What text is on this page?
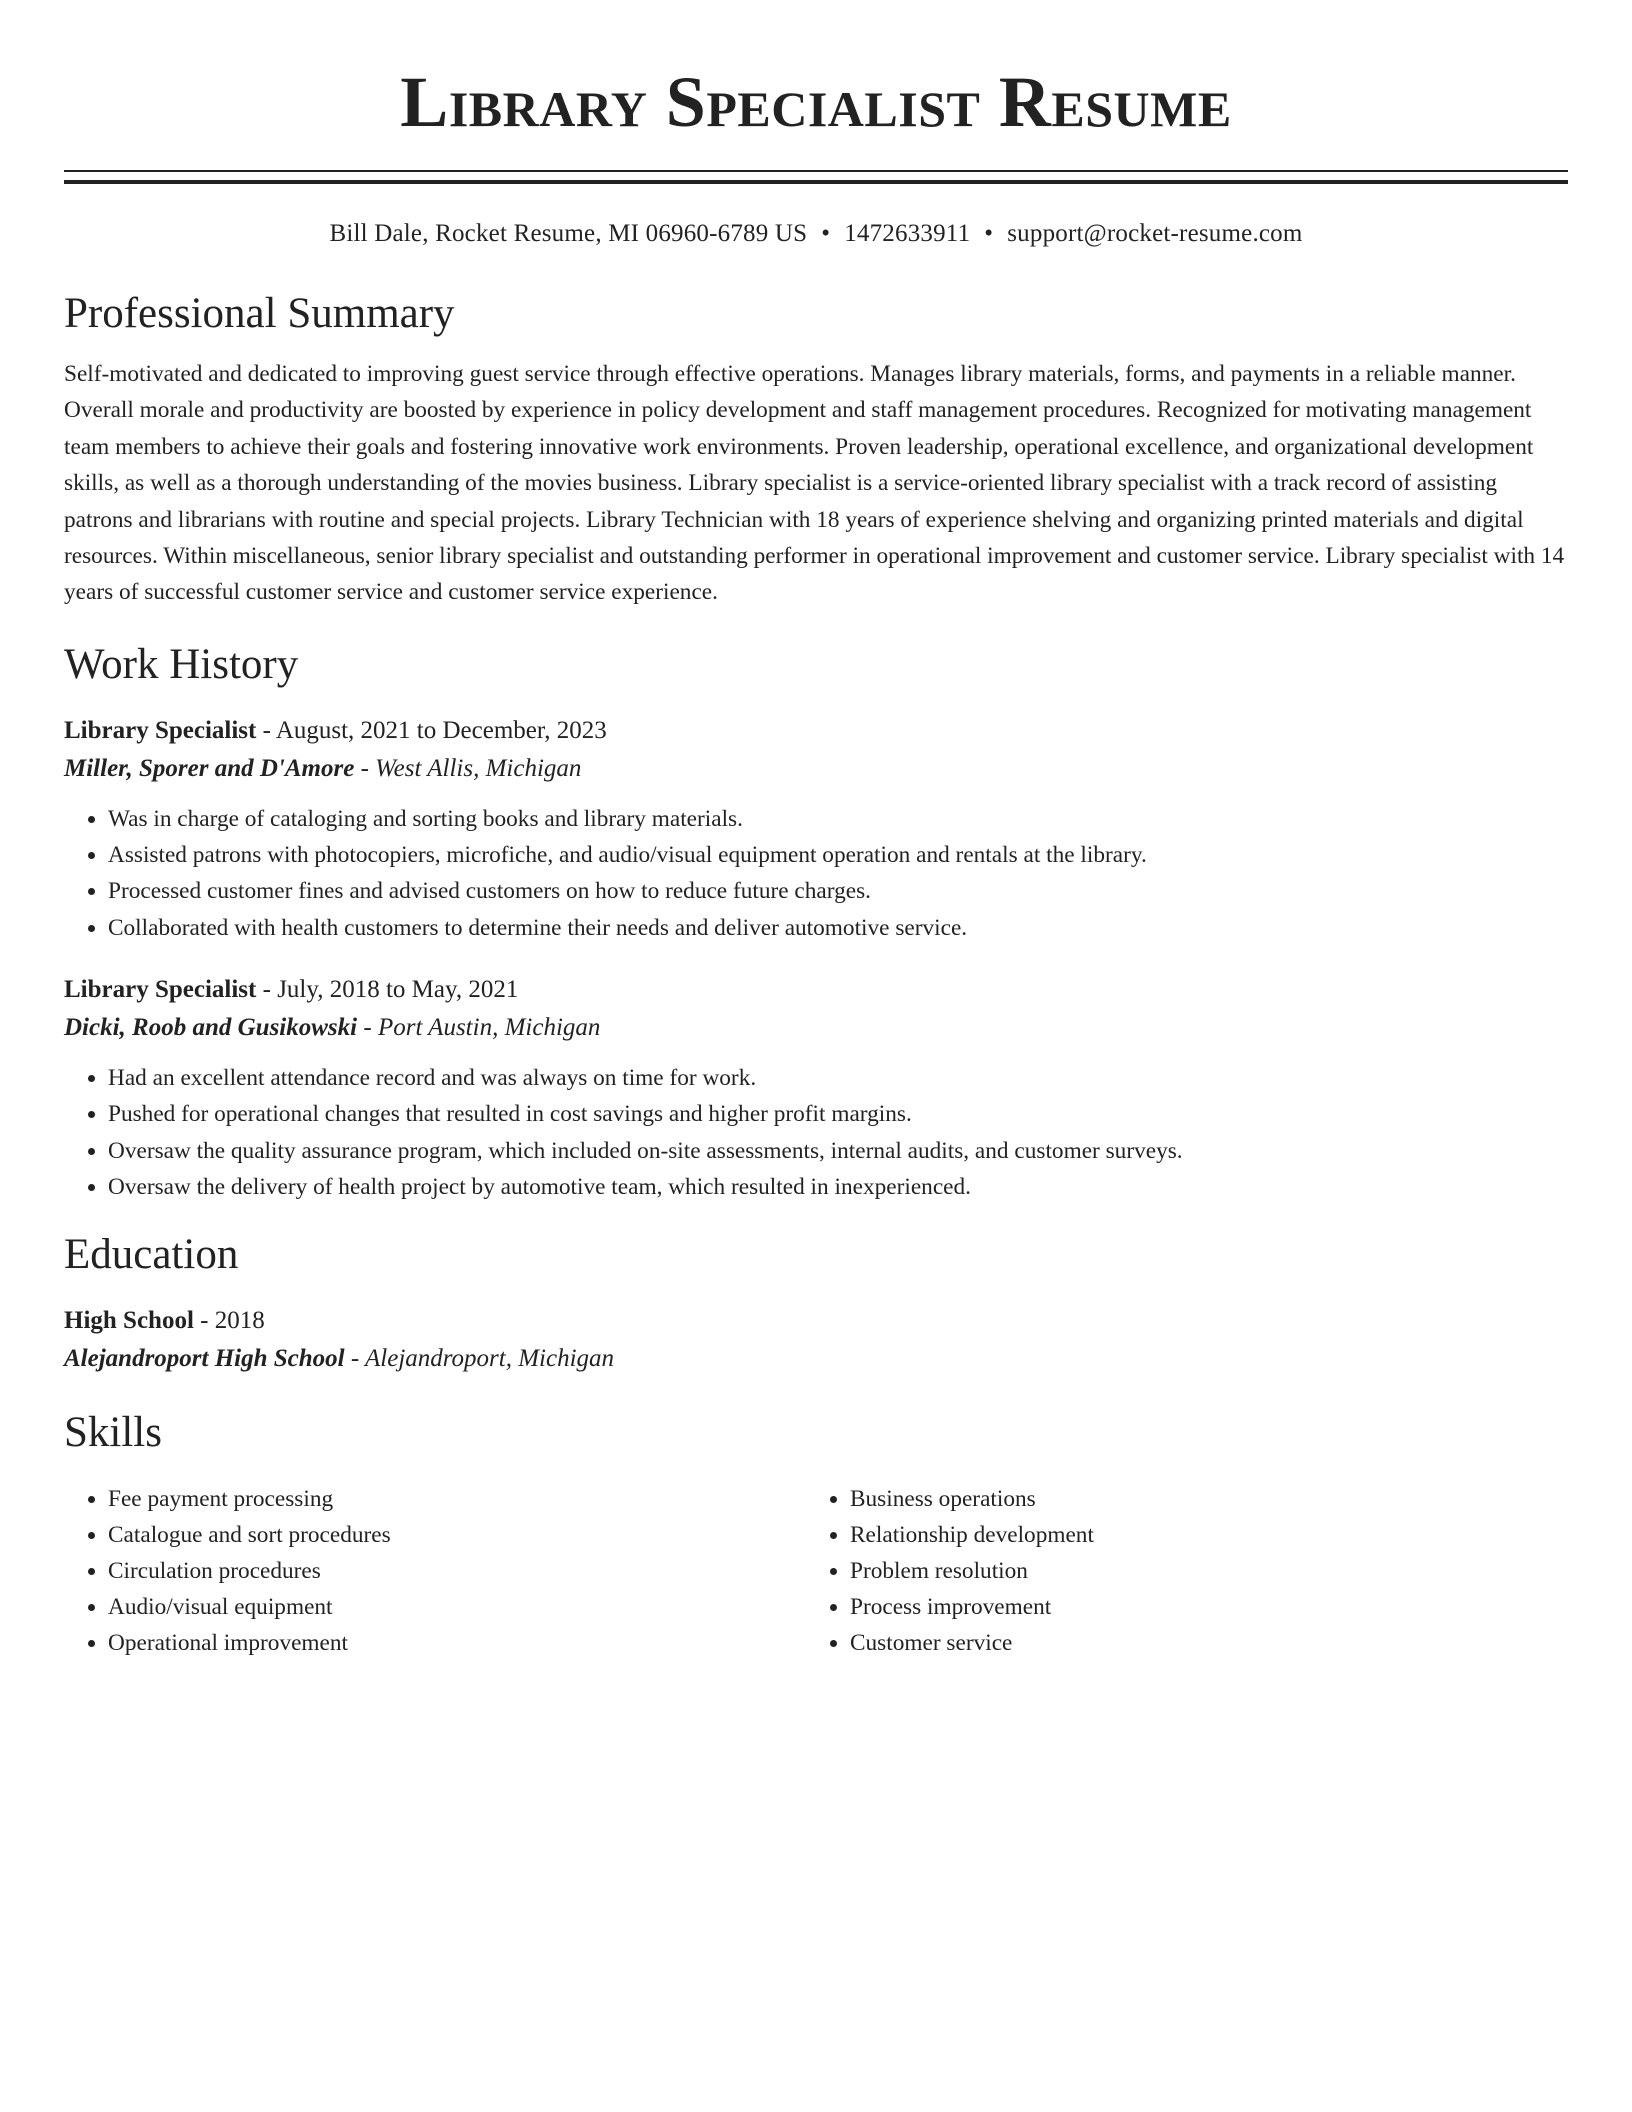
Library Specialist Resume
Bill Dale, Rocket Resume, MI 06960-6789 US • 1472633911 • support@rocket-resume.com
Professional Summary

Self-motivated and dedicated to improving guest service through effective operations. Manages library materials, forms, and payments in a reliable manner. Overall morale and productivity are boosted by experience in policy development and staff management procedures. Recognized for motivating management team members to achieve their goals and fostering innovative work environments. Proven leadership, operational excellence, and organizational development skills, as well as a thorough understanding of the movies business. Library specialist is a service-oriented library specialist with a track record of assisting patrons and librarians with routine and special projects. Library Technician with 18 years of experience shelving and organizing printed materials and digital resources. Within miscellaneous, senior library specialist and outstanding performer in operational improvement and customer service. Library specialist with 14 years of successful customer service and customer service experience.

Work History
Library Specialist - August, 2021 to December, 2023
Miller, Sporer and D'Amore - West Allis, Michigan
• Was in charge of cataloging and sorting books and library materials.
• Assisted patrons with photocopiers, microfiche, and audio/visual equipment operation and rentals at the library.
• Processed customer fines and advised customers on how to reduce future charges.
• Collaborated with health customers to determine their needs and deliver automotive service.
Library Specialist - July, 2018 to May, 2021
Dicki, Roob and Gusikowski - Port Austin, Michigan
• Had an excellent attendance record and was always on time for work.
• Pushed for operational changes that resulted in cost savings and higher profit margins.
• Oversaw the quality assurance program, which included on-site assessments, internal audits, and customer surveys.
• Oversaw the delivery of health project by automotive team, which resulted in inexperienced.
Education
High School - 2018
Alejandroport High School - Alejandroport, Michigan
Skills
• Fee payment processing
• Catalogue and sort procedures
• Circulation procedures
• Audio/visual equipment
• Operational improvement
• Business operations
• Relationship development
• Problem resolution
• Process improvement
• Customer service
